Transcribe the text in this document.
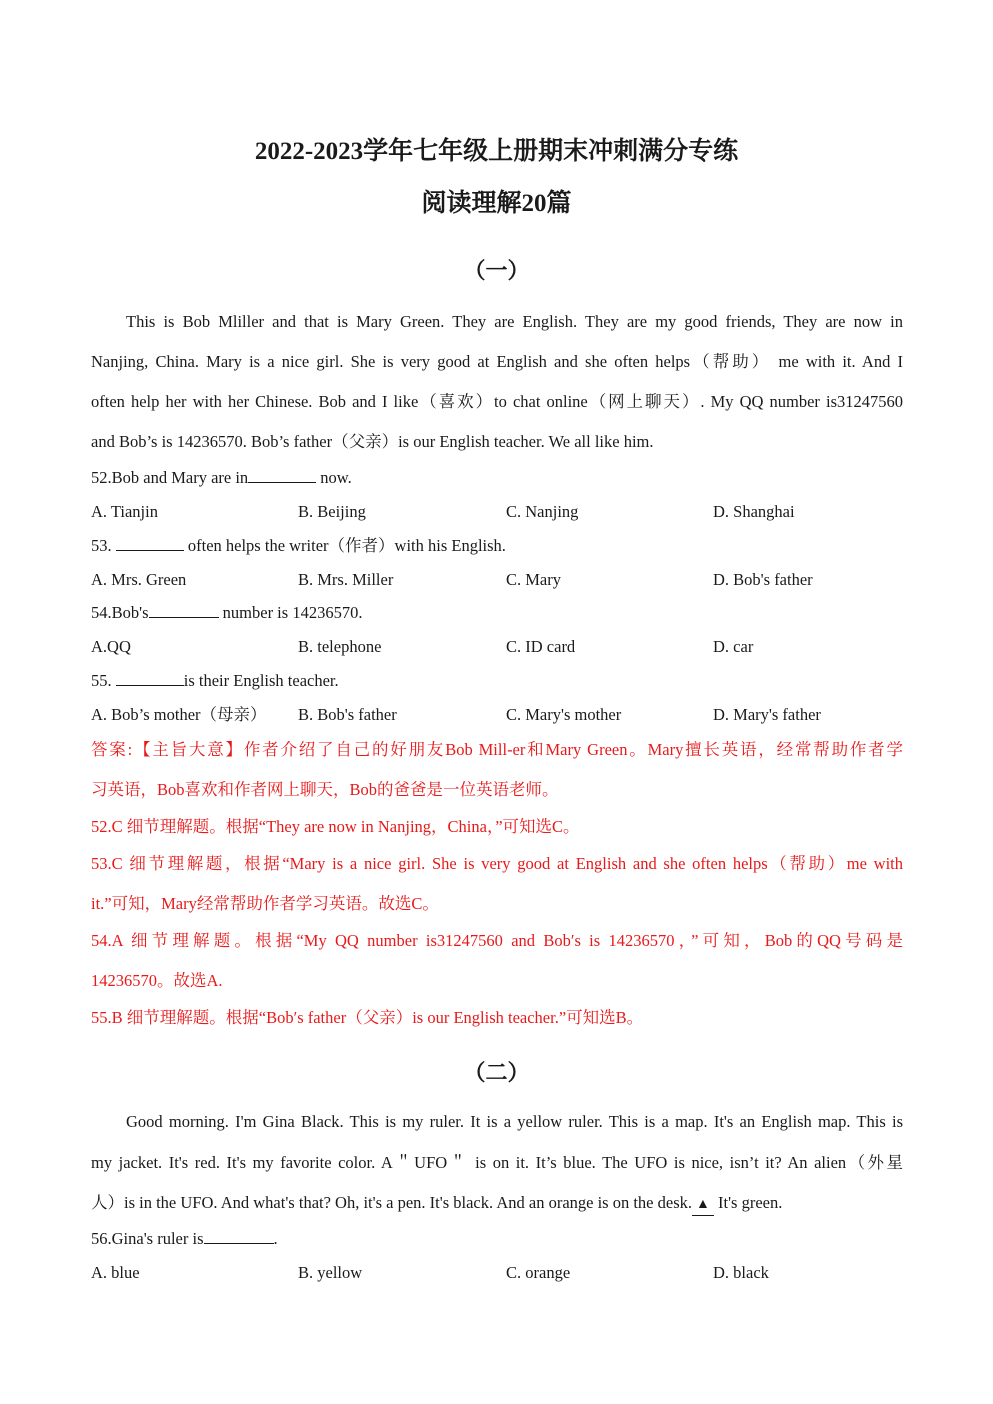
2022-2023学年七年级上册期末冲刺满分专练
阅读理解20篇
（一）
This is Bob Mliller and that is Mary Green. They are English. They are my good friends, They are now in
Nanjing, China. Mary is a nice girl. She is very good at English and she often helps（帮助） me with it. And I
often help her with her Chinese. Bob and I like（喜欢）to chat online（网上聊天）. My QQ number is31247560
and Bob’s is 14236570. Bob’s father（父亲）is our English teacher. We all like him.
52.Bob and Mary are in	now.
A. Tianjin	B. Beijing	C. Nanjing	D. Shanghai
53.	often helps the writer（作者）with his English.
A. Mrs. Green	B. Mrs. Miller	C. Mary	D. Bob's father
54.Bob's	number is 14236570.
A.QQ	B. telephone	C. ID card	D. car
55.	is their English teacher.
A. Bob’s mother（母亲） B. Bob's father	C. Mary's mother	D. Mary's father
答案:【主旨大意】作者介绍了自己的好朋友Bob Mill-er和Mary Green。Mary擅长英语，经常帮助作者学
习英语，Bob喜欢和作者网上聊天，Bob的爸爸是一位英语老师。
52.C 细节理解题。根据“They are now in Nanjing，China，”可知选C。
53.C 细节理解题，根据“Mary is a nice girl. She is very good at English and she often helps（帮助）me with
it.”可知，Mary经常帮助作者学习英语。故选C。
54.A 细节理解题。根据“My QQ number is31247560 and Bob′s is 14236570，”可知，Bob的QQ号码是
14236570。故选A.
55.B 细节理解题。根据“Bob′s father（父亲）is our English teacher.”可知选B。
（二）
Good morning. I'm Gina Black. This is my ruler. It is a yellow ruler. This is a map. It's an English map. This is
my jacket. It's red. It's my favorite color. A＂UFO＂ is on it. It’s blue. The UFO is nice, isn’t it? An alien（外星
人）is in the UFO. And what's that? Oh, it's a pen. It's black. And an orange is on the desk. ▲ It's green.
56.Gina's ruler is	.
A. blue	B. yellow	C. orange	D. black
